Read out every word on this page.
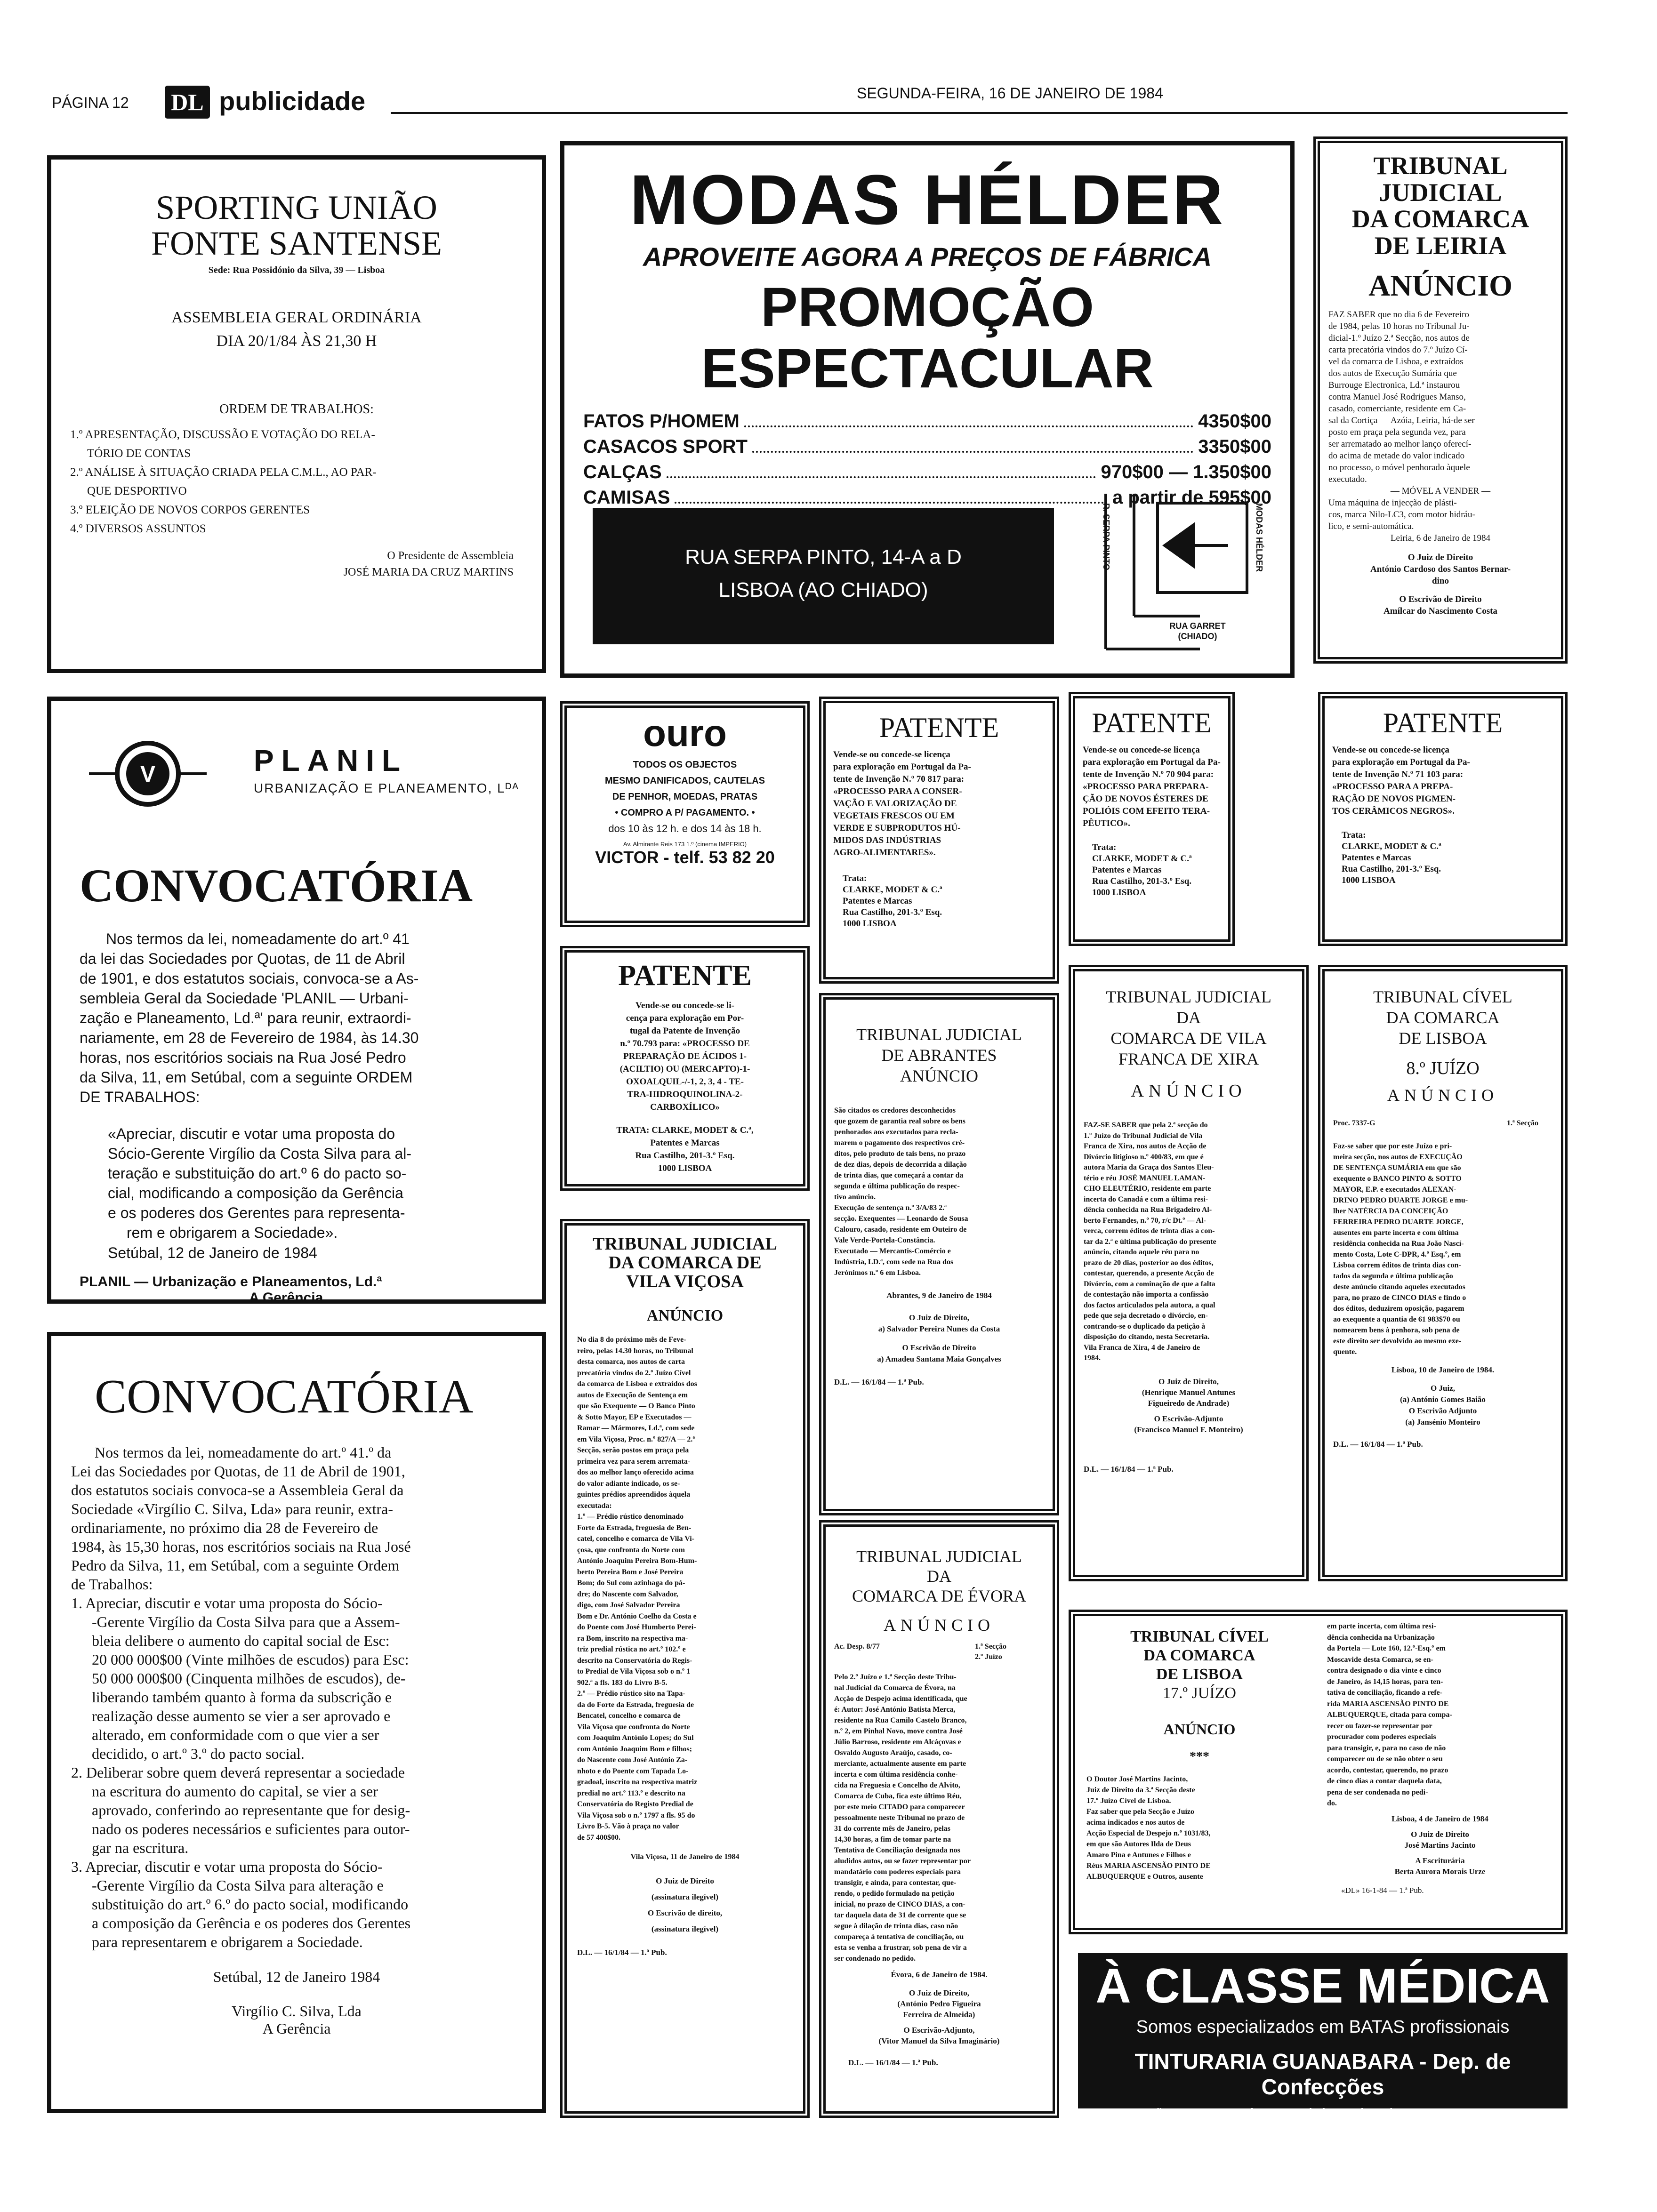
PÁGINA 12 DL publicidade	SEGUNDA-FEIRA, 16 DE JANEIRO DE 1984
SPORTING UNIÃO
FONTE SANTENSE
Sede: Rua Possidónio da Silva, 39 — Lisboa
ASSEMBLEIA GERAL ORDINÁRIA
DIA 20/1/84 ÀS 21,30 H
ORDEM DE TRABALHOS:
1.º APRESENTAÇÃO, DISCUSSÃO E VOTAÇÃO DO RELA-
TÓRIO DE CONTAS
2.º ANÁLISE À SITUAÇÃO CRIADA PELA C.M.L., AO PAR-
QUE DESPORTIVO
3.º ELEIÇÃO DE NOVOS CORPOS GERENTES
4.º DIVERSOS ASSUNTOS
O Presidente de Assembleia
JOSÉ MARIA DA CRUZ MARTINS
MODAS HÉLDER
APROVEITE AGORA A PREÇOS DE FÁBRICA
PROMOÇÃO ESPECTACULAR
FATOS P/HOMEM	4350$00
CASACOS SPORT	3350$00
CALÇAS	970$00 — 1.350$00
CAMISAS	a partir de 595$00
RUA SERPA PINTO, 14-A a D
LISBOA (AO CHIADO)
R. SERPA PINTO	MODAS HÉLDER
RUA GARRET (CHIADO)
TRIBUNAL
JUDICIAL
DA COMARCA
DE LEIRIA
ANÚNCIO
FAZ SABER que no dia 6 de Fevereiro
de 1984, pelas 10 horas no Tribunal Ju-
dicial-1.º Juízo 2.ª Secção, nos autos de
carta precatória vindos do 7.º Juízo Cí-
vel da comarca de Lisboa, e extraídos
dos autos de Execução Sumária que
Burrouge Electronica, Ld.ª instaurou
contra Manuel José Rodrigues Manso,
casado, comerciante, residente em Ca-
sal da Cortiça — Azóia, Leiria, há-de ser
posto em praça pela segunda vez, para
ser arrematado ao melhor lanço oferecí-
do acima de metade do valor indicado
no processo, o móvel penhorado àquele
executado.
— MÓVEL A VENDER —
Uma máquina de injecção de plásti-
cos, marca Nilo-LC3, com motor hidráu-
lico, e semi-automática.
Leiria, 6 de Janeiro de 1984
O Juiz de Direito
António Cardoso dos Santos Bernar-
dino
O Escrivão de Direito
Amílcar do Nascimento Costa
V	PLANIL
URBANIZAÇÃO E PLANEAMENTO, Lᴰᴬ
CONVOCATÓRIA
Nos termos da lei, nomeadamente do art.º 41
da lei das Sociedades por Quotas, de 11 de Abril
de 1901, e dos estatutos sociais, convoca-se a As-
sembleia Geral da Sociedade 'PLANIL — Urbani-
zação e Planeamento, Ld.ª' para reunir, extraordi-
nariamente, em 28 de Fevereiro de 1984, às 14.30
horas, nos escritórios sociais na Rua José Pedro
da Silva, 11, em Setúbal, com a seguinte ORDEM
DE TRABALHOS:
«Apreciar, discutir e votar uma proposta do
Sócio-Gerente Virgílio da Costa Silva para al-
teração e substituição do art.º 6 do pacto so-
cial, modificando a composição da Gerência
e os poderes dos Gerentes para representa-
rem e obrigarem a Sociedade».
Setúbal, 12 de Janeiro de 1984
PLANIL — Urbanização e Planeamentos, Ld.ª
A Gerência
CONVOCATÓRIA
Nos termos da lei, nomeadamente do art.º 41.º da
Lei das Sociedades por Quotas, de 11 de Abril de 1901,
dos estatutos sociais convoca-se a Assembleia Geral da
Sociedade «Virgílio C. Silva, Lda» para reunir, extra-
ordinariamente, no próximo dia 28 de Fevereiro de
1984, às 15,30 horas, nos escritórios sociais na Rua José
Pedro da Silva, 11, em Setúbal, com a seguinte Ordem
de Trabalhos:
1. Apreciar, discutir e votar uma proposta do Sócio-
-Gerente Virgílio da Costa Silva para que a Assem-
bleia delibere o aumento do capital social de Esc:
20 000 000$00 (Vinte milhões de escudos) para Esc:
50 000 000$00 (Cinquenta milhões de escudos), de-
liberando também quanto à forma da subscrição e
realização desse aumento se vier a ser aprovado e
alterado, em conformidade com o que vier a ser
decidido, o art.º 3.º do pacto social.
2. Deliberar sobre quem deverá representar a sociedade
na escritura do aumento do capital, se vier a ser
aprovado, conferindo ao representante que for desig-
nado os poderes necessários e suficientes para outor-
gar na escritura.
3. Apreciar, discutir e votar uma proposta do Sócio-
-Gerente Virgílio da Costa Silva para alteração e
substituição do art.º 6.º do pacto social, modificando
a composição da Gerência e os poderes dos Gerentes
para representarem e obrigarem a Sociedade.
Setúbal, 12 de Janeiro 1984
Virgílio C. Silva, Lda
A Gerência
ouro
TODOS OS OBJECTOS
MESMO DANIFICADOS, CAUTELAS
DE PENHOR, MOEDAS, PRATAS
• COMPRO A P/ PAGAMENTO. •
dos 10 às 12 h. e dos 14 às 18 h.
Av. Almirante Reis 173 1.º (cinema IMPERIO)
VICTOR - telf. 53 82 20
PATENTE
Vende-se ou concede-se li-
cença para exploração em Por-
tugal da Patente de Invenção
n.º 70.793 para: «PROCESSO DE
PREPARAÇÃO DE ÁCIDOS 1-
(ACILTIO) OU (MERCAPTO)-1-
OXOALQUIL-/-1, 2, 3, 4 - TE-
TRA-HIDROQUINOLINA-2-
CARBOXÍLICO»
TRATA: CLARKE, MODET & C.ª,
Patentes e Marcas
Rua Castilho, 201-3.º Esq.
1000 LISBOA
TRIBUNAL JUDICIAL
DA COMARCA DE
VILA VIÇOSA
ANÚNCIO
No dia 8 do próximo mês de Feve-
reiro, pelas 14.30 horas, no Tribunal
desta comarca, nos autos de carta
precatória vindos do 2.º Juízo Cível
da comarca de Lisboa e extraídos dos
autos de Execução de Sentença em
que são Exequente — O Banco Pinto
& Sotto Mayor, EP e Executados —
Ramar — Mármores, Ld.ª, com sede
em Vila Viçosa, Proc. n.º 827/A — 2.ª
Secção, serão postos em praça pela
primeira vez para serem arremata-
dos ao melhor lanço oferecido acima
do valor adiante indicado, os se-
guintes prédios apreendidos àquela
executada:
1.º — Prédio rústico denominado
Forte da Estrada, freguesia de Ben-
catel, concelho e comarca de Vila Vi-
çosa, que confronta do Norte com
António Joaquim Pereira Bom-Hum-
berto Pereira Bom e José Pereira
Bom; do Sul com azinhaga do pá-
dre; do Nascente com Salvador,
digo, com José Salvador Pereira
Bom e Dr. António Coelho da Costa e
do Poente com José Humberto Perei-
ra Bom, inscrito na respectiva ma-
triz predial rústica no art.º 102.º e
descrito na Conservatória do Regis-
to Predial de Vila Viçosa sob o n.º 1
902.ª a fls. 183 do Livro B-5.
2.º — Prédio rústico sito na Tapa-
da do Forte da Estrada, freguesia de
Bencatel, concelho e comarca de
Vila Viçosa que confronta do Norte
com Joaquim António Lopes; do Sul
com António Joaquim Bom e filhos;
do Nascente com José António Za-
nhoto e do Poente com Tapada Lo-
gradoal, inscrito na respectiva matriz
predial no art.º 113.º e descrito na
Conservatória do Registo Predial de
Vila Viçosa sob o n.º 1797 a fls. 95 do
Livro B-5. Vão à praça no valor
de 57 400$00.
Vila Viçosa, 11 de Janeiro de 1984
O Juiz de Direito
(assinatura ilegível)
O Escrivão de direito,
(assinatura ilegível)
D.L. — 16/1/84 — 1.ª Pub.
PATENTE
Vende-se ou concede-se licença
para exploração em Portugal da Pa-
tente de Invenção N.º 70 817 para:
«PROCESSO PARA A CONSER-
VAÇÃO E VALORIZAÇÃO DE
VEGETAIS FRESCOS OU EM
VERDE E SUBPRODUTOS HÚ-
MIDOS DAS INDÚSTRIAS
AGRO-ALIMENTARES».
Trata:
CLARKE, MODET & C.ª
Patentes e Marcas
Rua Castilho, 201-3.º Esq.
1000 LISBOA
PATENTE
Vende-se ou concede-se licença
para exploração em Portugal da Pa-
tente de Invenção N.º 70 904 para:
«PROCESSO PARA PREPARA-
ÇÃO DE NOVOS ÉSTERES DE
POLIÓIS COM EFEITO TERA-
PÊUTICO».
Trata:
CLARKE, MODET & C.ª
Patentes e Marcas
Rua Castilho, 201-3.º Esq.
1000 LISBOA
PATENTE
Vende-se ou concede-se licença
para exploração em Portugal da Pa-
tente de Invenção N.º 71 103 para:
«PROCESSO PARA A PREPA-
RAÇÃO DE NOVOS PIGMEN-
TOS CERÂMICOS NEGROS».
Trata:
CLARKE, MODET & C.ª
Patentes e Marcas
Rua Castilho, 201-3.º Esq.
1000 LISBOA
TRIBUNAL JUDICIAL
DE ABRANTES
ANÚNCIO
São citados os credores desconhecidos
que gozem de garantia real sobre os bens
penhorados aos executados para recla-
marem o pagamento dos respectivos cré-
ditos, pelo produto de tais bens, no prazo
de dez dias, depois de decorrida a dilação
de trinta dias, que começará a contar da
segunda e última publicação do respec-
tivo anúncio.
Execução de sentença n.º 3/A/83 2.ª
secção. Exequentes — Leonardo de Sousa
Calouro, casado, residente em Outeiro de
Vale Verde-Portela-Constância.
Executado — Mercantis-Comércio e
Indústria, LD.ª, com sede na Rua dos
Jerónimos n.º 6 em Lisboa.
Abrantes, 9 de Janeiro de 1984
O Juiz de Direito,
a) Salvador Pereira Nunes da Costa
O Escrivão de Direito
a) Amadeu Santana Maia Gonçalves
D.L. — 16/1/84 — 1.ª Pub.
TRIBUNAL JUDICIAL
DA
COMARCA DE ÉVORA
ANÚNCIO
Ac. Desp. 8/77	1.ª Secção
2.º Juízo
Pelo 2.º Juízo e 1.ª Secção deste Tribu-
nal Judicial da Comarca de Évora, na
Acção de Despejo acima identificada, que
é: Autor: José António Batista Merca,
residente na Rua Camilo Castelo Branco,
n.º 2, em Pinhal Novo, move contra José
Júlio Barroso, residente em Alcáçovas e
Osvaldo Augusto Araújo, casado, co-
merciante, actualmente ausente em parte
incerta e com última residência conhe-
cida na Freguesia e Concelho de Alvito,
Comarca de Cuba, fica este último Réu,
por este meio CITADO para comparecer
pessoalmente neste Tribunal no prazo de
31 do corrente mês de Janeiro, pelas
14,30 horas, a fim de tomar parte na
Tentativa de Conciliação designada nos
aludidos autos, ou se fazer representar por
mandatário com poderes especiais para
transigir, e ainda, para contestar, que-
rendo, o pedido formulado na petição
inicial, no prazo de CINCO DIAS, a con-
tar daquela data de 31 de corrente que se
segue à dilação de trinta dias, caso não
compareça à tentativa de conciliação, ou
esta se venha a frustrar, sob pena de vir a
ser condenado no pedido.
Évora, 6 de Janeiro de 1984.
O Juiz de Direito,
(António Pedro Figueira
Ferreira de Almeida)
O Escrivão-Adjunto,
(Vitor Manuel da Silva Imaginário)
D.L. — 16/1/84 — 1.ª Pub.
TRIBUNAL JUDICIAL
DA
COMARCA DE VILA
FRANCA DE XIRA
ANÚNCIO
FAZ-SE SABER que pela 2.ª secção do
1.º Juízo do Tribunal Judicial de Vila
Franca de Xira, nos autos de Acção de
Divórcio litigioso n.º 400/83, em que é
autora Maria da Graça dos Santos Eleu-
tério e réu JOSÉ MANUEL LAMAN-
CHO ELEUTÉRIO, residente em parte
incerta do Canadá e com a última resi-
dência conhecida na Rua Brigadeiro Al-
berto Fernandes, n.º 70, r/c Dt.º — Al-
verca, correm éditos de trinta dias a con-
tar da 2.ª e última publicação do presente
anúncio, citando aquele réu para no
prazo de 20 dias, posterior ao dos éditos,
contestar, querendo, a presente Acção de
Divórcio, com a cominação de que a falta
de contestação não importa a confissão
dos factos articulados pela autora, a qual
pede que seja decretado o divórcio, en-
contrando-se o duplicado da petição à
disposição do citando, nesta Secretaria.
Vila Franca de Xira, 4 de Janeiro de
1984.
O Juiz de Direito,
(Henrique Manuel Antunes
Figueiredo de Andrade)
O Escrivão-Adjunto
(Francisco Manuel F. Monteiro)
D.L. — 16/1/84 — 1.ª Pub.
TRIBUNAL CÍVEL
DA COMARCA
DE LISBOA
8.º JUÍZO
ANÚNCIO
Proc. 7337-G	1.ª Secção
Faz-se saber que por este Juízo e pri-
meira secção, nos autos de EXECUÇÃO
DE SENTENÇA SUMÁRIA em que são
exequente o BANCO PINTO & SOTTO
MAYOR, E.P. e executados ALEXAN-
DRINO PEDRO DUARTE JORGE e mu-
lher NATÉRCIA DA CONCEIÇÃO
FERREIRA PEDRO DUARTE JORGE,
ausentes em parte incerta e com última
residência conhecida na Rua João Nascí-
mento Costa, Lote C-DPR, 4.º Esq.º, em
Lisboa correm éditos de trinta dias con-
tados da segunda e última publicação
deste anúncio citando aqueles executados
para, no prazo de CINCO DIAS e findo o
dos éditos, deduzirem oposição, pagarem
ao exequente a quantia de 61 983$70 ou
nomearem bens à penhora, sob pena de
este direito ser devolvido ao mesmo exe-
quente.
Lisboa, 10 de Janeiro de 1984.
O Juiz,
(a) António Gomes Baião
O Escrivão Adjunto
(a) Jansénio Monteiro
D.L. — 16/1/84 — 1.ª Pub.
TRIBUNAL CÍVEL
DA COMARCA
DE LISBOA
17.º JUÍZO
ANÚNCIO
***
O Doutor José Martins Jacinto,
Juiz de Direito da 3.ª Secção deste
17.º Juízo Cível de Lisboa.
Faz saber que pela Secção e Juízo
acima indicados e nos autos de
Acção Especial de Despejo n.º 1031/83,
em que são Autores Ilda de Deus
Amaro Pina e Antunes e Filhos e
Réus MARIA ASCENSÃO PINTO DE
ALBUQUERQUE e Outros, ausente
em parte incerta, com última resi-
dência conhecida na Urbanização
da Portela — Lote 160, 12.º-Esq.º em
Moscavide desta Comarca, se en-
contra designado o dia vinte e cinco
de Janeiro, às 14,15 horas, para ten-
tativa de conciliação, ficando a refe-
rida MARIA ASCENSÃO PINTO DE
ALBUQUERQUE, citada para compa-
recer ou fazer-se representar por
procurador com poderes especiais
para transigir, e, para no caso de não
comparecer ou de se não obter o seu
acordo, contestar, querendo, no prazo
de cinco dias a contar daquela data,
pena de ser condenada no pedi-
do.
Lisboa, 4 de Janeiro de 1984
O Juiz de Direito
José Martins Jacinto
A Escriturária
Berta Aurora Morais Urze
«DL» 16-1-84 — 1.ª Pub.
À CLASSE MÉDICA
Somos especializados em BATAS profissionais
TINTURARIA GUANABARA - Dep. de Confecções
Av. João XXI, 5-D - 1000 (Metro Areeiro) - R. Infantaria 16, 55-C - 1300 LISBOA
